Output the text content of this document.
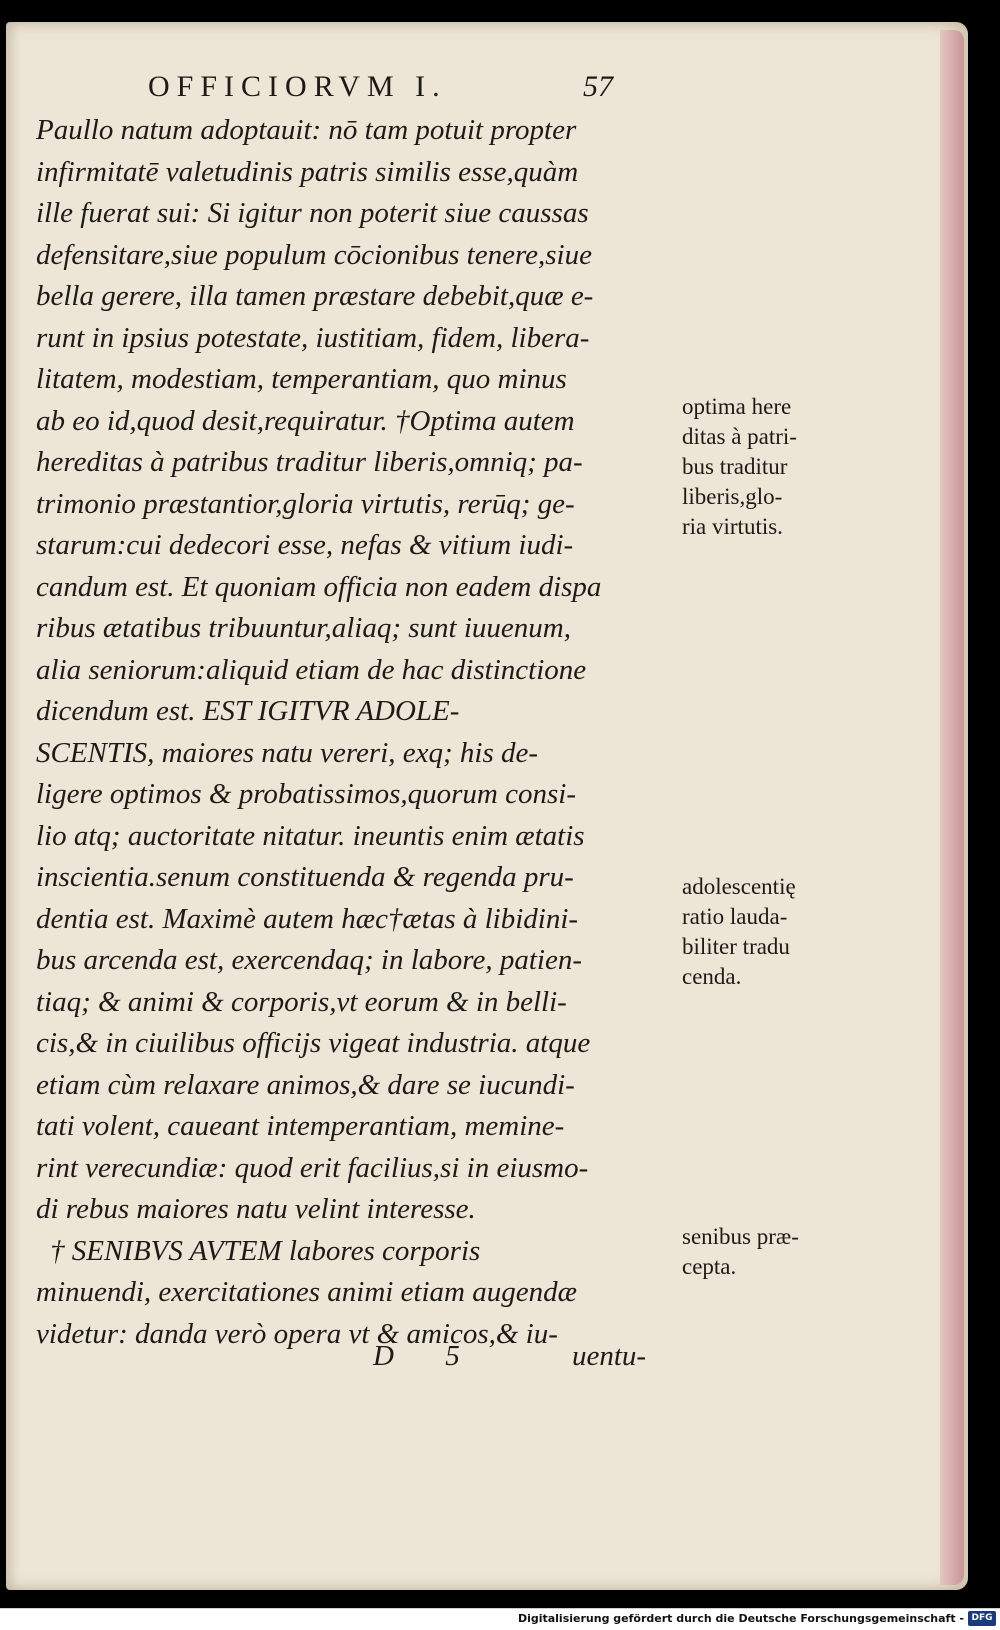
OFFICIORVM I.	57
Paullo natum adoptauit: nō tam potuit propter
infirmitatē valetudinis patris similis esse,quàm
ille fuerat sui: Si igitur non poterit siue caussas
defensitare,siue populum cōcionibus tenere,siue
bella gerere, illa tamen præstare debebit,quæ e-
runt in ipsius potestate, iustitiam, fidem, libera-
litatem, modestiam, temperantiam, quo minus
ab eo id,quod desit,requiratur. †Optima autem
hereditas à patribus traditur liberis,omniq; pa-
trimonio præstantior,gloria virtutis, rerūq; ge-
starum:cui dedecori esse, nefas & vitium iudi-
candum est. Et quoniam officia non eadem dispa
ribus ætatibus tribuuntur,aliaq; sunt iuuenum,
alia seniorum:aliquid etiam de hac distinctione
dicendum est. EST IGITVR ADOLE-
SCENTIS, maiores natu vereri, exq; his de-
ligere optimos & probatissimos,quorum consi-
lio atq; auctoritate nitatur. ineuntis enim ætatis
inscientia.senum constituenda & regenda pru-
dentia est. Maximè autem hæc†ætas à libidini-
bus arcenda est, exercendaq; in labore, patien-
tiaq; & animi & corporis,vt eorum & in belli-
cis,& in ciuilibus officijs vigeat industria. atque
etiam cùm relaxare animos,& dare se iucundi-
tati volent, caueant intemperantiam, memine-
rint verecundiæ: quod erit facilius,si in eiusmo-
di rebus maiores natu velint interesse.
† SENIBVS AVTEM labores corporis
minuendi, exercitationes animi etiam augendæ
videtur: danda verò opera vt & amicos,& iu-
optima here
ditas à patri-
bus traditur
liberis,glo-
ria virtutis.
adolescentię
ratio lauda-
biliter tradu
cenda.
senibus præ-
cepta.
D 5	uentu-
Digitalisierung gefördert durch die Deutsche Forschungsgemeinschaft - DFG
